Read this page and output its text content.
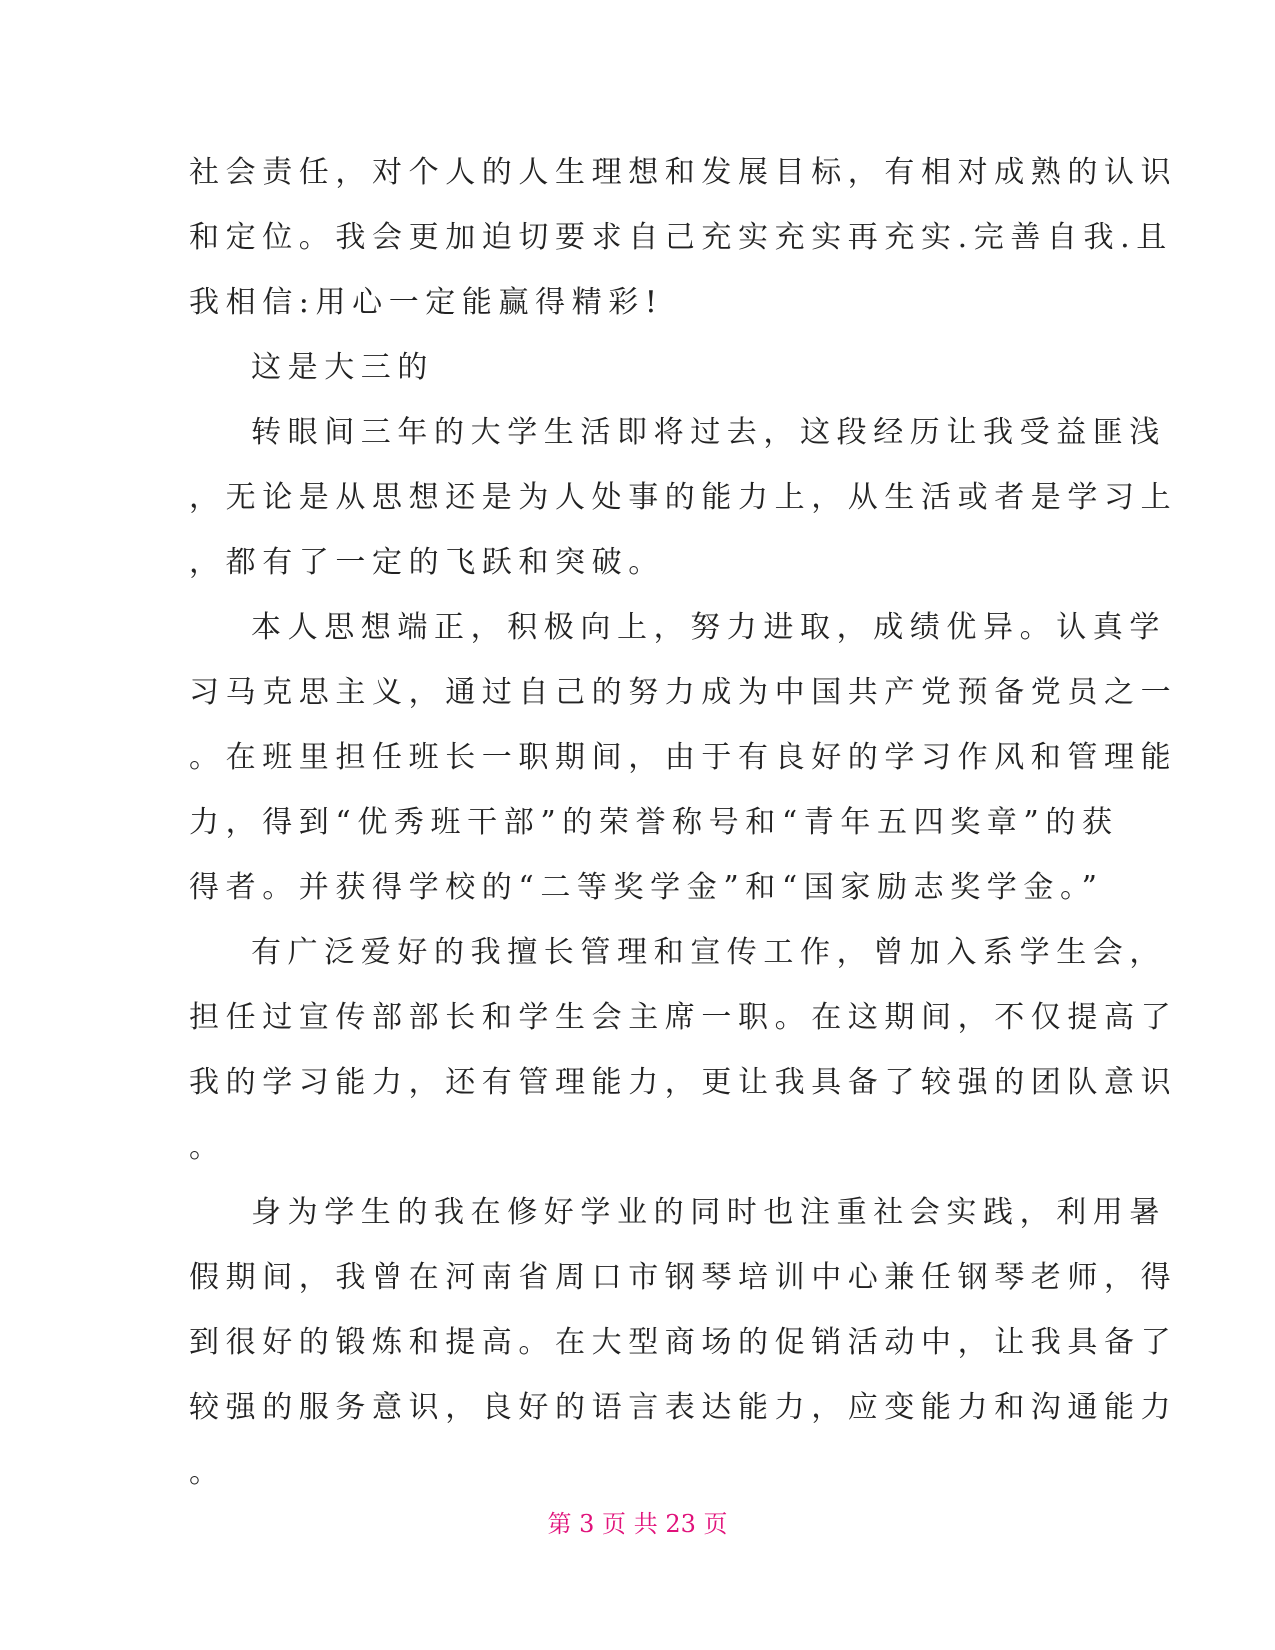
社会责任，对个人的人生理想和发展目标，有相对成熟的认识
和定位。我会更加迫切要求自己充实充实再充实.完善自我.且
我相信:用心一定能赢得精彩!
这是大三的
转眼间三年的大学生活即将过去，这段经历让我受益匪浅
，无论是从思想还是为人处事的能力上，从生活或者是学习上
，都有了一定的飞跃和突破。
本人思想端正，积极向上，努力进取，成绩优异。认真学
习马克思主义，通过自己的努力成为中国共产党预备党员之一
。在班里担任班长一职期间，由于有良好的学习作风和管理能
力，得到“优秀班干部”的荣誉称号和“青年五四奖章”的获
得者。并获得学校的“二等奖学金”和“国家励志奖学金。”
有广泛爱好的我擅长管理和宣传工作，曾加入系学生会，
担任过宣传部部长和学生会主席一职。在这期间，不仅提高了
我的学习能力，还有管理能力，更让我具备了较强的团队意识
。
身为学生的我在修好学业的同时也注重社会实践，利用暑
假期间，我曾在河南省周口市钢琴培训中心兼任钢琴老师，得
到很好的锻炼和提高。在大型商场的促销活动中，让我具备了
较强的服务意识，良好的语言表达能力，应变能力和沟通能力
。
第 3 页 共 23 页
